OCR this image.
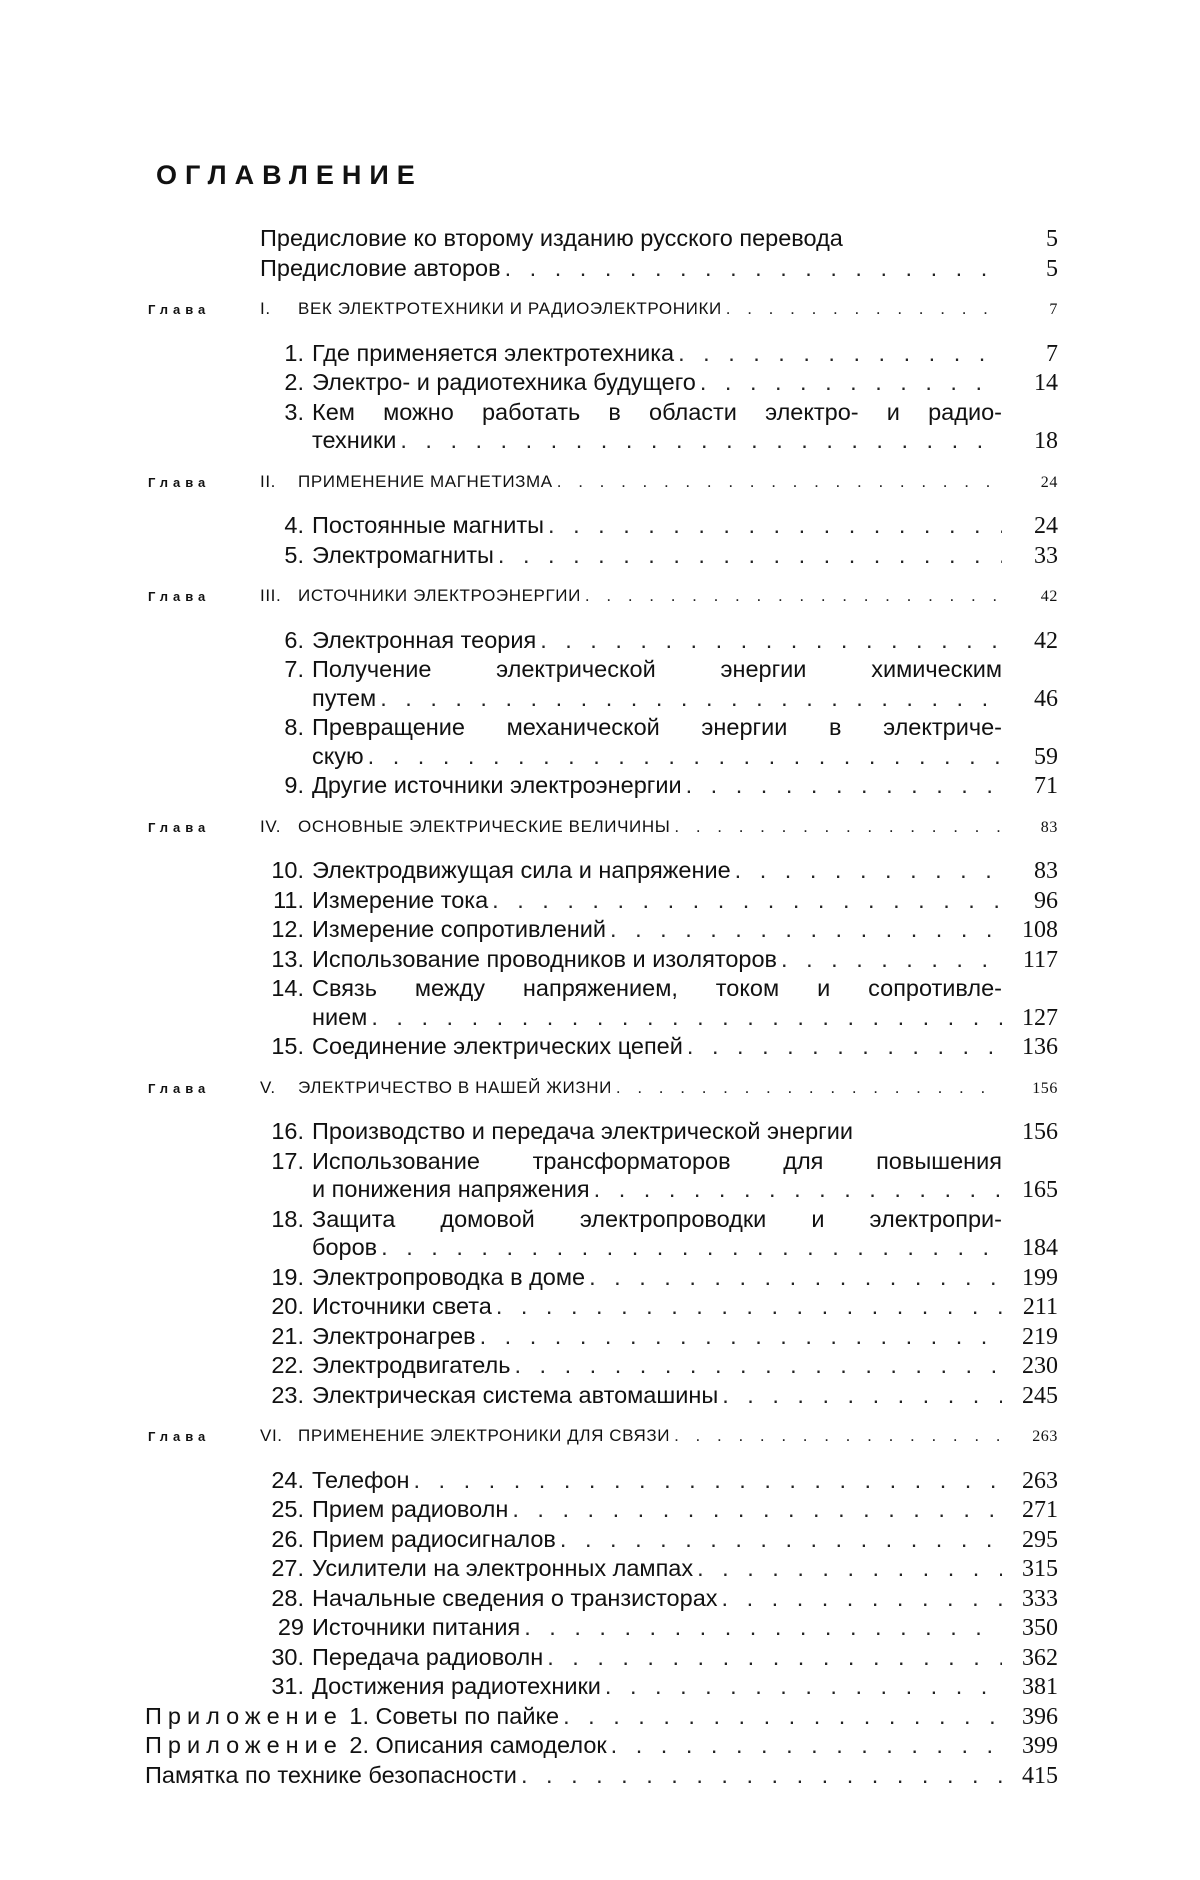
ОГЛАВЛЕНИЕ
Предисловие ко второму изданию русского перевода	5
Предисловие авторов . . .	5
Глава	I.	ВЕК ЭЛЕКТРОТЕХНИКИ И РАДИОЭЛЕКТРОНИКИ . . .	7
1. Где применяется электротехника . . .	7
2. Электро- и радиотехника будущего . . .	14
3. Кем можно работать в области электро- и радио-
техники . . .	18
Глава	II.	ПРИМЕНЕНИЕ МАГНЕТИЗМА . . .	24
4. Постоянные магниты . . .	24
5. Электромагниты . . .	33
Глава	III. ИСТОЧНИКИ ЭЛЕКТРОЭНЕРГИИ . . .	42
6. Электронная теория . . .	42
7. Получение электрической энергии химическим
путем . . .	46
8. Превращение механической энергии в электриче-
скую . . .	59
9. Другие источники электроэнергии . . .	71
Глава	IV. ОСНОВНЫЕ ЭЛЕКТРИЧЕСКИЕ ВЕЛИЧИНЫ . . .	83
10. Электродвижущая сила и напряжение . . .	83
11. Измерение тока . . .	96
12. Измерение сопротивлений . . .	108
13. Использование проводников и изоляторов . . .	117
14. Связь между напряжением, током и сопротивле-
нием . . .	127
15. Соединение электрических цепей . . .	136
Глава	V.	ЭЛЕКТРИЧЕСТВО В НАШЕЙ ЖИЗНИ . . .	156
16. Производство и передача электрической энергии	156
17. Использование трансформаторов для повышения
и понижения напряжения . . .	165
18. Защита домовой электропроводки и электропри-
боров . . .	184
19. Электропроводка в доме . . .	199
20. Источники света . . .	211
21. Электронагрев . . .	219
22. Электродвигатель . . .	230
23. Электрическая система автомашины . . .	245
Глава	VI. ПРИМЕНЕНИЕ ЭЛЕКТРОНИКИ ДЛЯ СВЯЗИ . . .	263
24. Телефон . . .	263
25. Прием радиоволн . . .	271
26. Прием радиосигналов . . .	295
27. Усилители на электронных лампах . . .	315
28. Начальные сведения о транзисторах . . .	333
29 Источники питания . . .	350
30. Передача радиоволн . . .	362
31. Достижения радиотехники . . .	381
Приложение
1. Советы по пайке . . .	396
Приложение
2. Описания самоделок . . .	399
Памятка по технике безопасности . . .	415
